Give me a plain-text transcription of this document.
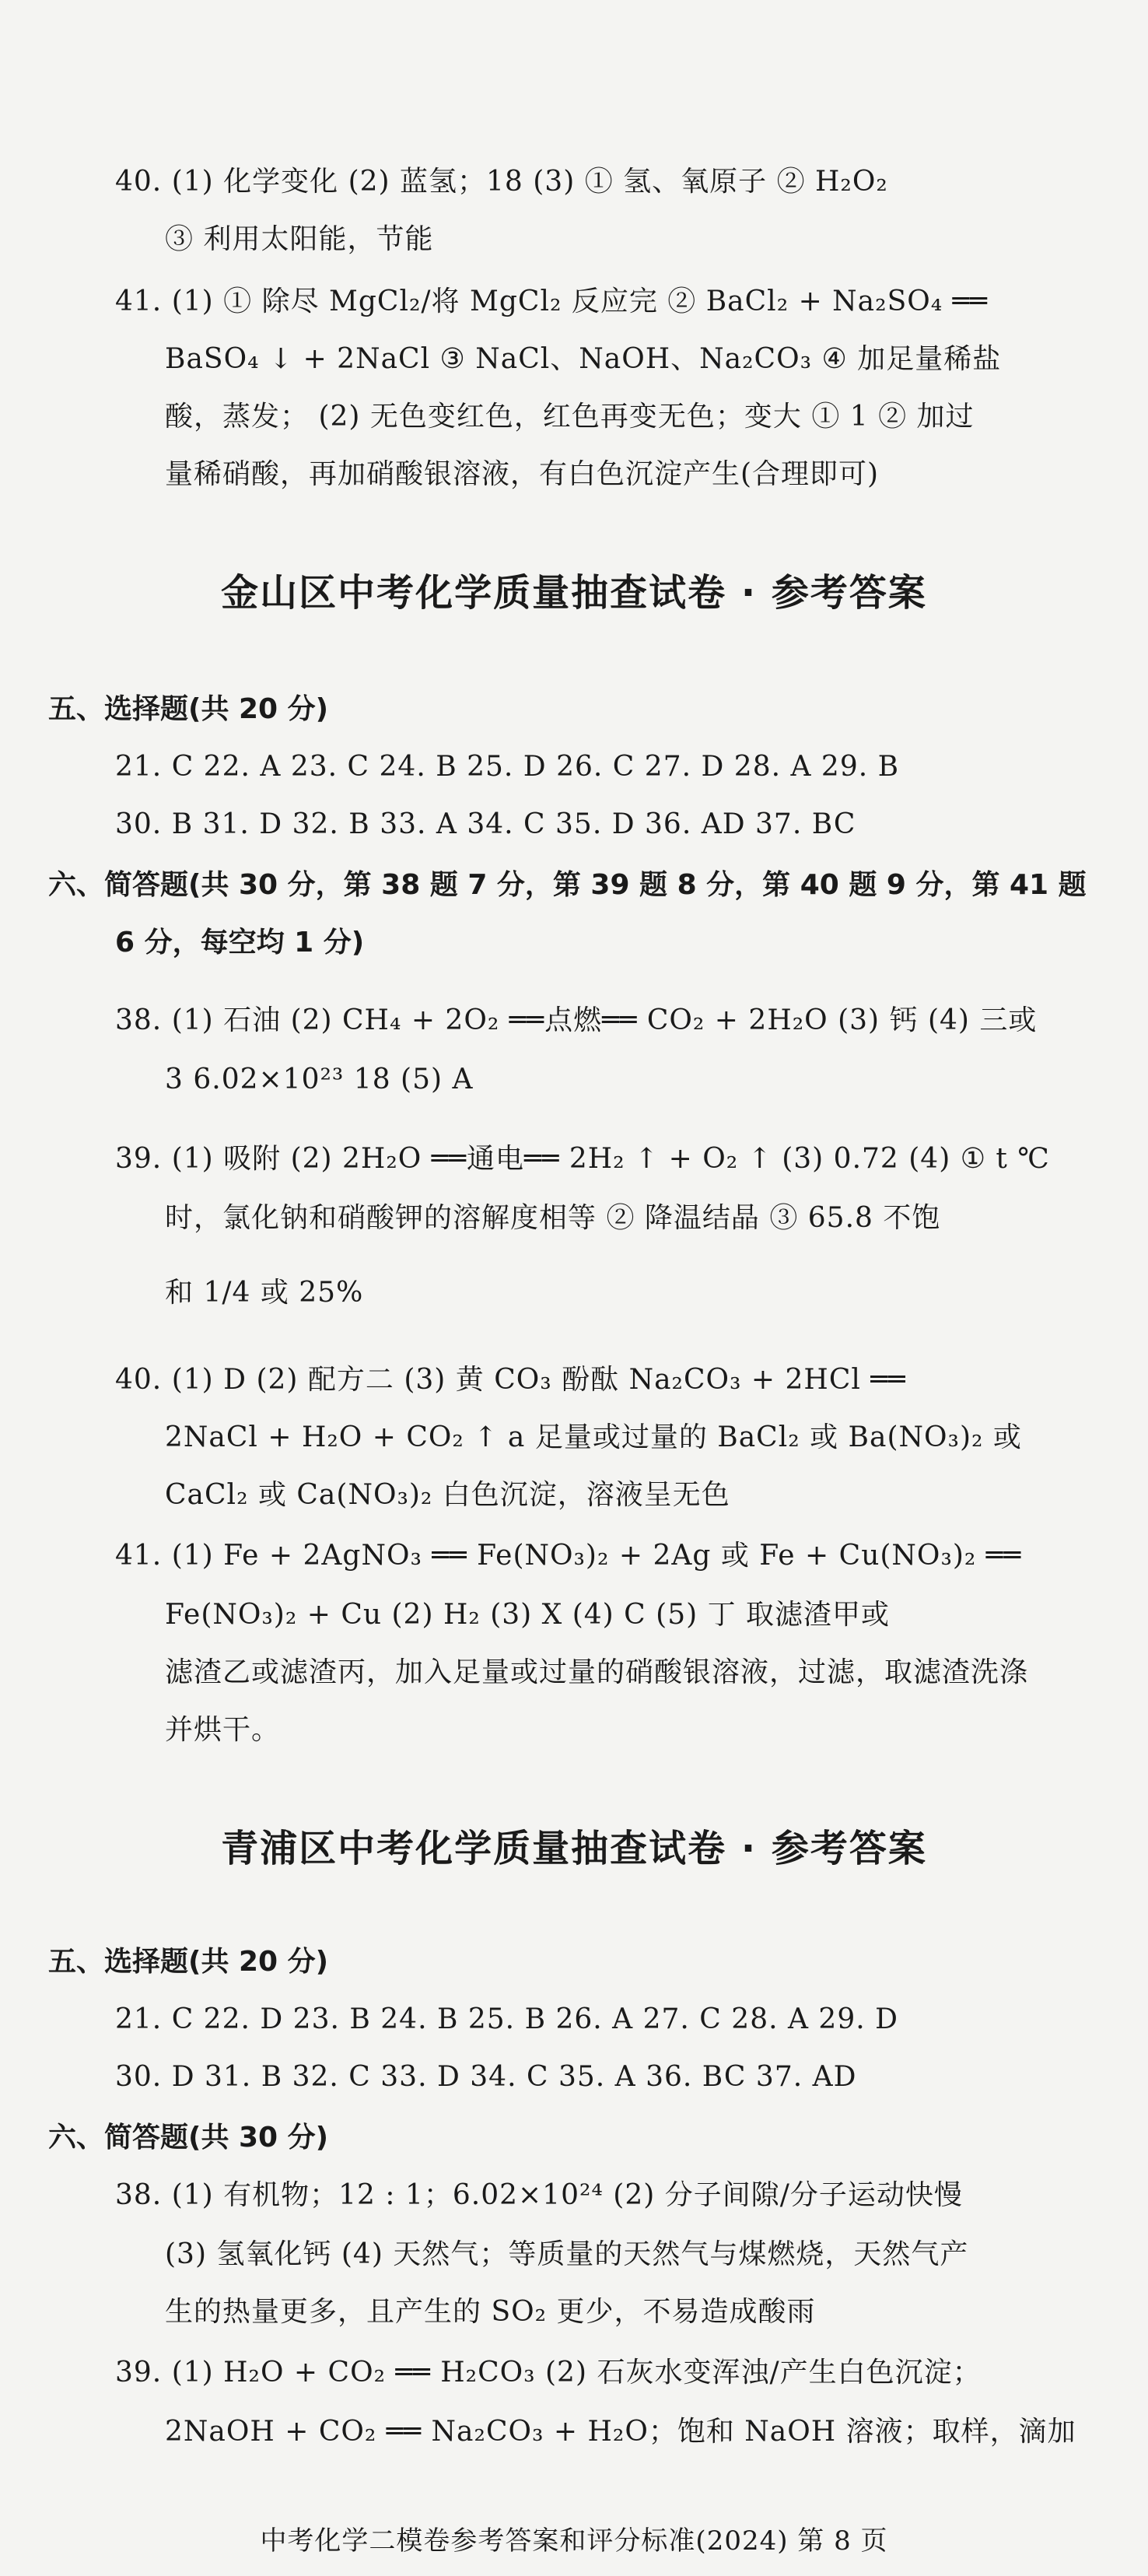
40. (1) 化学变化 (2) 蓝氢；18 (3) ① 氢、氧原子 ② H₂O₂
③ 利用太阳能，节能
41. (1) ① 除尽 MgCl₂/将 MgCl₂ 反应完 ② BaCl₂ + Na₂SO₄ ══
BaSO₄ ↓ + 2NaCl ③ NaCl、NaOH、Na₂CO₃ ④ 加足量稀盐
酸，蒸发； (2) 无色变红色，红色再变无色；变大 ① 1 ② 加过
量稀硝酸，再加硝酸银溶液，有白色沉淀产生(合理即可)
金山区中考化学质量抽查试卷 · 参考答案
五、选择题(共 20 分)
21. C 22. A 23. C 24. B 25. D 26. C 27. D 28. A 29. B
30. B 31. D 32. B 33. A 34. C 35. D 36. AD 37. BC
六、简答题(共 30 分，第 38 题 7 分，第 39 题 8 分，第 40 题 9 分，第 41 题
6 分，每空均 1 分)
38. (1) 石油 (2) CH₄ + 2O₂ ══点燃══ CO₂ + 2H₂O (3) 钙 (4) 三或
3 6.02×10²³ 18 (5) A
39. (1) 吸附 (2) 2H₂O ══通电══ 2H₂ ↑ + O₂ ↑ (3) 0.72 (4) ① t ℃
时，氯化钠和硝酸钾的溶解度相等 ② 降温结晶 ③ 65.8 不饱
和 1/4 或 25%
40. (1) D (2) 配方二 (3) 黄 CO₃ 酚酞 Na₂CO₃ + 2HCl ══
2NaCl + H₂O + CO₂ ↑ a 足量或过量的 BaCl₂ 或 Ba(NO₃)₂ 或
CaCl₂ 或 Ca(NO₃)₂ 白色沉淀，溶液呈无色
41. (1) Fe + 2AgNO₃ ══ Fe(NO₃)₂ + 2Ag 或 Fe + Cu(NO₃)₂ ══
Fe(NO₃)₂ + Cu (2) H₂ (3) X (4) C (5) 丁 取滤渣甲或
滤渣乙或滤渣丙，加入足量或过量的硝酸银溶液，过滤，取滤渣洗涤
并烘干。
青浦区中考化学质量抽查试卷 · 参考答案
五、选择题(共 20 分)
21. C 22. D 23. B 24. B 25. B 26. A 27. C 28. A 29. D
30. D 31. B 32. C 33. D 34. C 35. A 36. BC 37. AD
六、简答题(共 30 分)
38. (1) 有机物；12 : 1；6.02×10²⁴ (2) 分子间隙/分子运动快慢
(3) 氢氧化钙 (4) 天然气；等质量的天然气与煤燃烧，天然气产
生的热量更多，且产生的 SO₂ 更少，不易造成酸雨
39. (1) H₂O + CO₂ ══ H₂CO₃ (2) 石灰水变浑浊/产生白色沉淀；
2NaOH + CO₂ ══ Na₂CO₃ + H₂O；饱和 NaOH 溶液；取样，滴加
中考化学二模卷参考答案和评分标准(2024) 第 8 页
